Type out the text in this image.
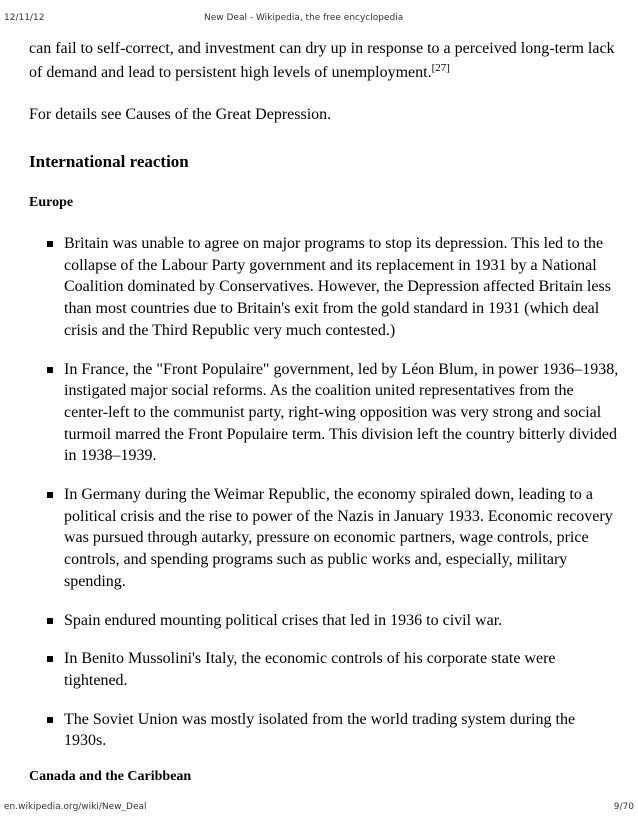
12/11/12	New Deal - Wikipedia, the free encyclopedia

can fail to self-correct, and investment can dry up in response to a perceived long-term lack of demand and lead to persistent high levels of unemployment.[27]

For details see Causes of the Great Depression.

International reaction
Europe
Britain was unable to agree on major programs to stop its depression. This led to the collapse of the Labour Party government and its replacement in 1931 by a National Coalition dominated by Conservatives. However, the Depression affected Britain less than most countries due to Britain's exit from the gold standard in 1931 (which deal crisis and the Third Republic very much contested.)
In France, the "Front Populaire" government, led by Léon Blum, in power 1936–1938, instigated major social reforms. As the coalition united representatives from the center-left to the communist party, right-wing opposition was very strong and social turmoil marred the Front Populaire term. This division left the country bitterly divided in 1938–1939.
In Germany during the Weimar Republic, the economy spiraled down, leading to a political crisis and the rise to power of the Nazis in January 1933. Economic recovery was pursued through autarky, pressure on economic partners, wage controls, price controls, and spending programs such as public works and, especially, military spending.
Spain endured mounting political crises that led in 1936 to civil war.
In Benito Mussolini's Italy, the economic controls of his corporate state were tightened.
The Soviet Union was mostly isolated from the world trading system during the 1930s.
Canada and the Caribbean
en.wikipedia.org/wiki/New_Deal	9/70
